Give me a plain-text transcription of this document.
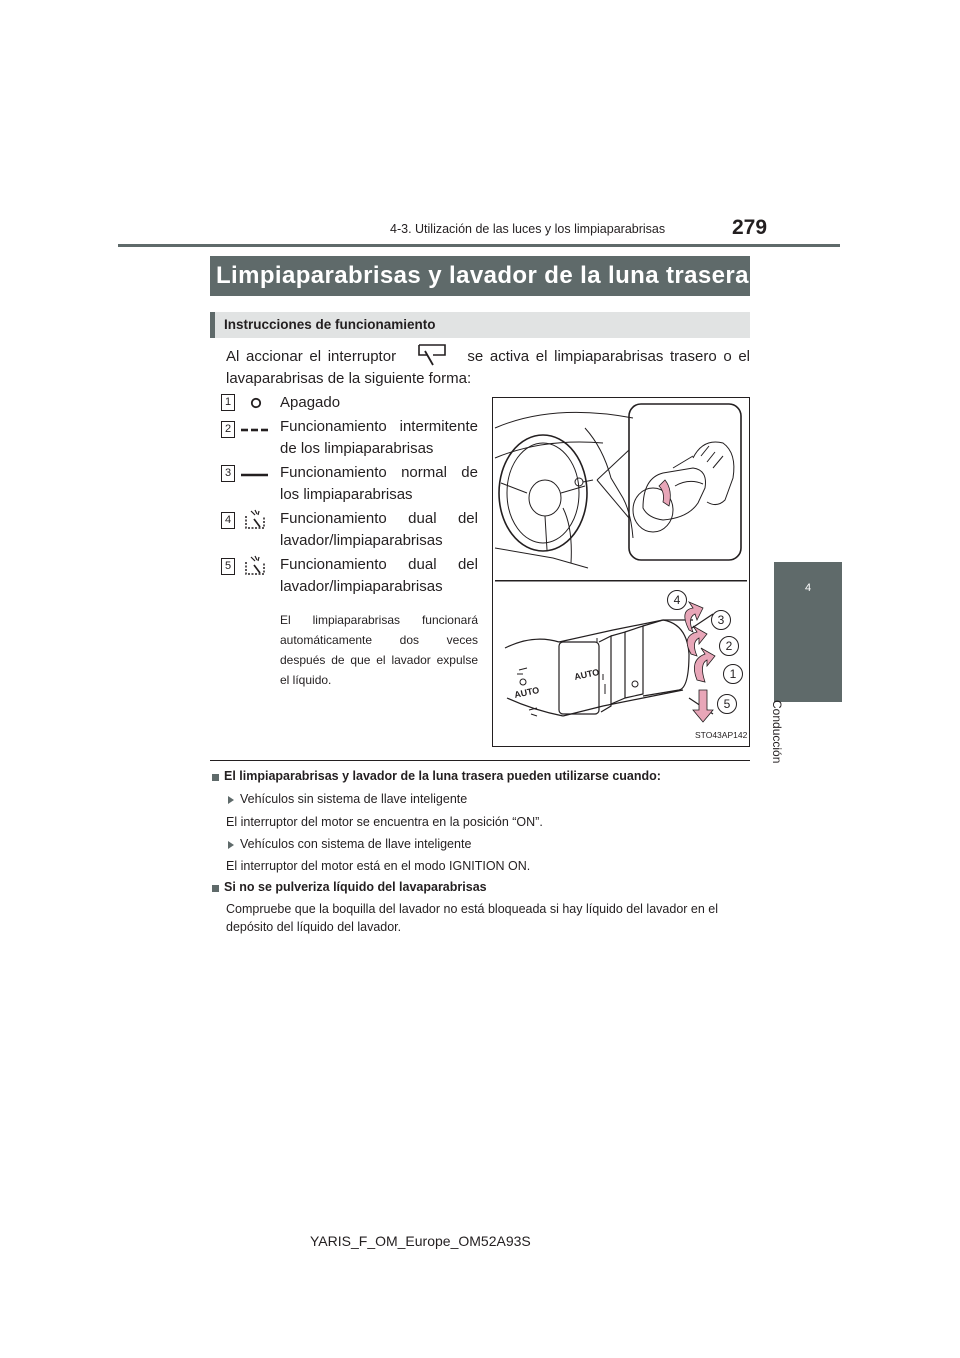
4-3. Utilización de las luces y los limpiaparabrisas	279
4
Conducción
Limpiaparabrisas y lavador de la luna trasera
Instrucciones de funcionamiento
Al accionar el interruptor	se activa el limpiaparabrisas trasero o el lavaparabrisas de la siguiente forma:
1	Apagado
2	Funcionamiento intermitente de los limpiaparabrisas
3	Funcionamiento normal de los limpiaparabrisas
4	Funcionamiento dual del lavador/limpiaparabrisas
5	Funcionamiento dual del lavador/limpiaparabrisas
El limpiaparabrisas funcionará automáticamente dos veces después de que el lavador expulse el líquido.	AUTO
AUTO
4
3
2
1
5
STO43AP142
El limpiaparabrisas y lavador de la luna trasera pueden utilizarse cuando:
Vehículos sin sistema de llave inteligente
El interruptor del motor se encuentra en la posición “ON”.
Vehículos con sistema de llave inteligente
El interruptor del motor está en el modo IGNITION ON.
Si no se pulveriza líquido del lavaparabrisas
Compruebe que la boquilla del lavador no está bloqueada si hay líquido del lavador en el depósito del líquido del lavador.
YARIS_F_OM_Europe_OM52A93S
